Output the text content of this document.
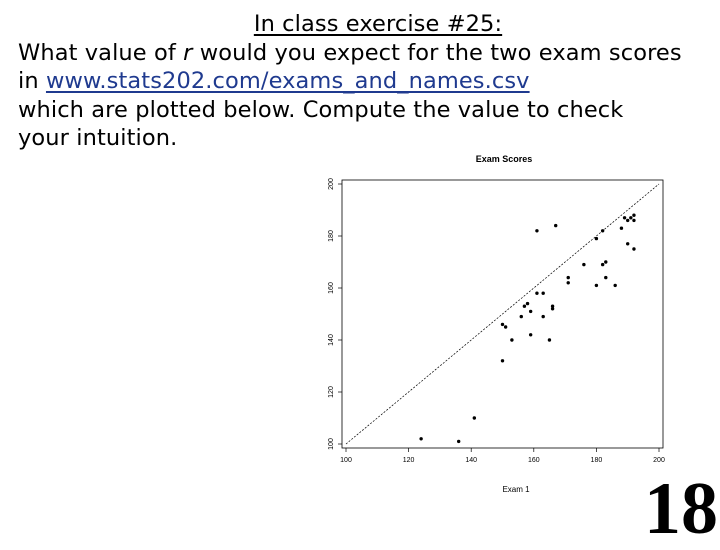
In class exercise #25:
What value of r would you expect for the two exam scores
in www.stats202.com/exams_and_names.csv
which are plotted below. Compute the value to check
your intuition.
Exam Scores
Exam 1
100	120	140	160	180	200
100
120
140
160
180
200
18
